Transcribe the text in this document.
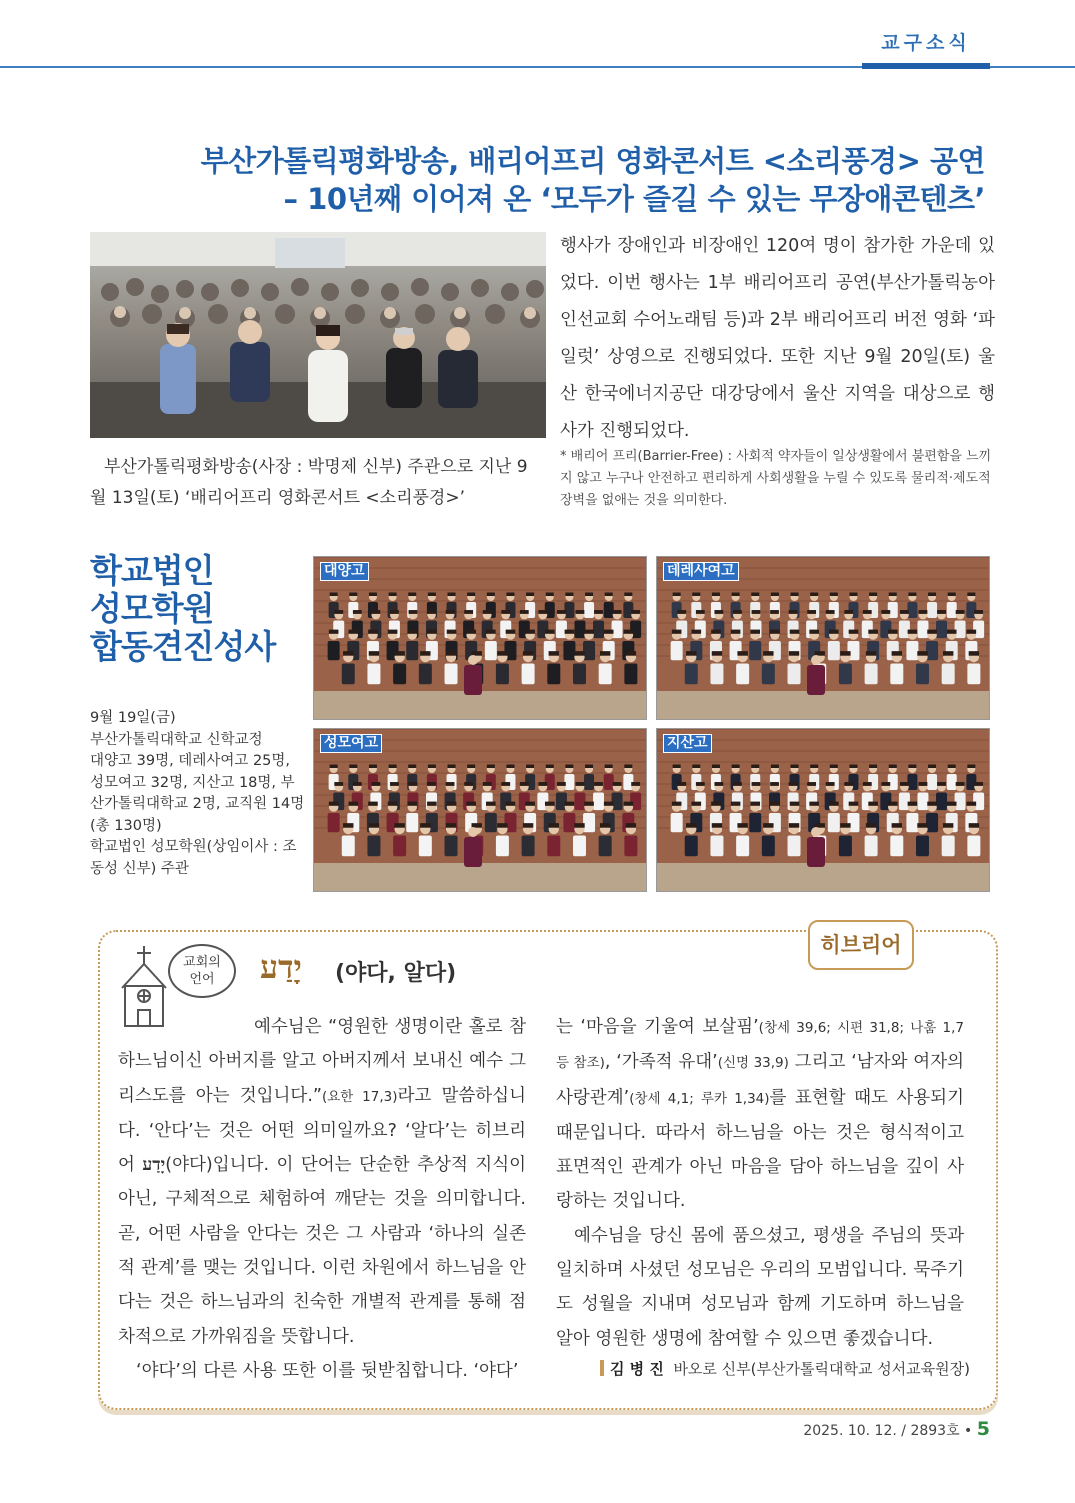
교구소식
부산가톨릭평화방송, 배리어프리 영화콘서트 <소리풍경> 공연
– 10년째 이어져 온 ‘모두가 즐길 수 있는 무장애콘텐츠’
부산가톨릭평화방송(사장 : 박명제 신부) 주관으로 지난 9월 13일(토) ‘배리어프리 영화콘서트 <소리풍경>’
행사가 장애인과 비장애인 120여 명이 참가한 가운데 있었다. 이번 행사는 1부 배리어프리 공연(부산가톨릭농아인선교회 수어노래팀 등)과 2부 배리어프리 버전 영화 ‘파일럿’ 상영으로 진행되었다. 또한 지난 9월 20일(토) 울산 한국에너지공단 대강당에서 울산 지역을 대상으로 행사가 진행되었다.
* 배리어 프리(Barrier-Free) : 사회적 약자들이 일상생활에서 불편함을 느끼지 않고 누구나 안전하고 편리하게 사회생활을 누릴 수 있도록 물리적·제도적 장벽을 없애는 것을 의미한다.
학교법인
성모학원
합동견진성사
9월 19일(금)
부산가톨릭대학교 신학교정
대양고 39명, 데레사여고 25명, 성모여고 32명, 지산고 18명, 부산가톨릭대학교 2명, 교직원 14명(총 130명)
학교법인 성모학원(상임이사 : 조동성 신부) 주관
대양고	데레사여고
성모여고	지산고
히브리어
교회의
언어	יָדַע (야다, 알다)

예수님은 “영원한 생명이란 홀로 참 하느님이신 아버지를 알고 아버지께서 보내신 예수 그리스도를 아는 것입니다.”(요한 17,3)라고 말씀하십니다. ‘안다’는 것은 어떤 의미일까요? ‘알다’는 히브리어 יָדַע(야다)입니다. 이 단어는 단순한 추상적 지식이 아닌, 구체적으로 체험하여 깨닫는 것을 의미합니다. 곧, 어떤 사람을 안다는 것은 그 사람과 ‘하나의 실존적 관계’를 맺는 것입니다. 이런 차원에서 하느님을 안다는 것은 하느님과의 친숙한 개별적 관계를 통해 점차적으로 가까워짐을 뜻합니다.

‘야다’의 다른 사용 또한 이를 뒷받침합니다. ‘야다’

는 ‘마음을 기울여 보살핌’(창세 39,6; 시편 31,8; 나훔 1,7 등 참조), ‘가족적 유대’(신명 33,9) 그리고 ‘남자와 여자의 사랑관계’(창세 4,1; 루카 1,34)를 표현할 때도 사용되기 때문입니다. 따라서 하느님을 아는 것은 형식적이고 표면적인 관계가 아닌 마음을 담아 하느님을 깊이 사랑하는 것입니다.

예수님을 당신 몸에 품으셨고, 평생을 주님의 뜻과 일치하며 사셨던 성모님은 우리의 모범입니다. 묵주기도 성월을 지내며 성모님과 함께 기도하며 하느님을 알아 영원한 생명에 참여할 수 있으면 좋겠습니다.

김 병 진 바오로 신부(부산가톨릭대학교 성서교육원장)
2025. 10. 12. / 2893호 • 5
